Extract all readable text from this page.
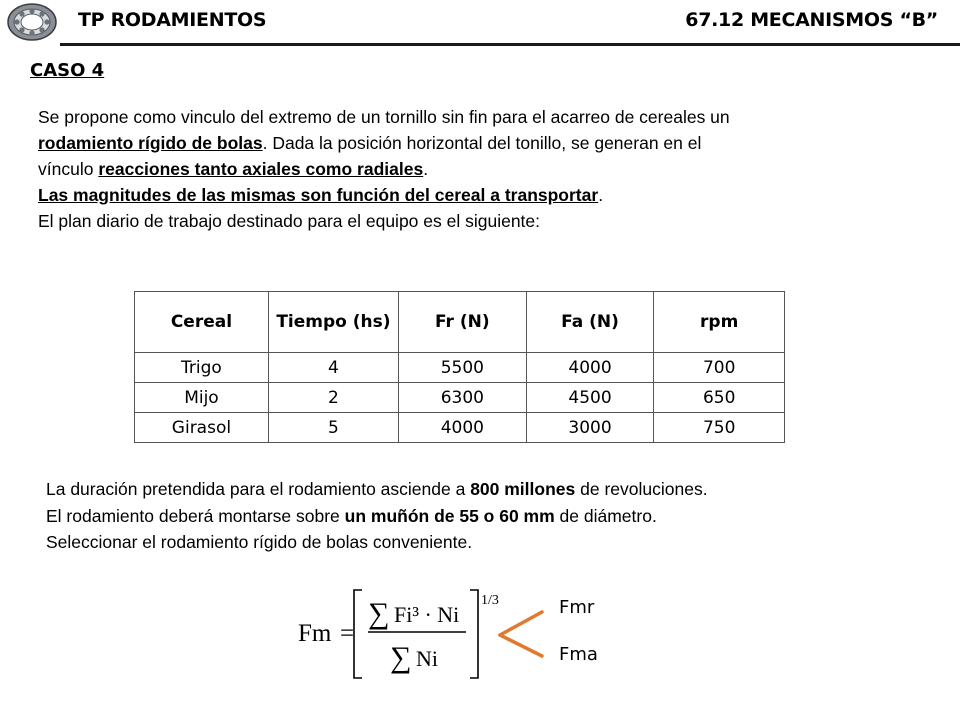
TP RODAMIENTOS	67.12 MECANISMOS “B”
CASO 4
Se propone como vinculo del extremo de un tornillo sin fin para el acarreo de cereales un
rodamiento rígido de bolas. Dada la posición horizontal del tonillo, se generan en el
vínculo reacciones tanto axiales como radiales.
Las magnitudes de las mismas son función del cereal a transportar.
El plan diario de trabajo destinado para el equipo es el siguiente:
Cereal	Tiempo (hs)	Fr (N)	Fa (N)	rpm
Trigo	4	5500	4000	700
Mijo	2	6300	4500	650
Girasol	5	4000	3000	750
La duración pretendida para el rodamiento asciende a 800 millones de revoluciones.
El rodamiento deberá montarse sobre un muñón de 55 o 60 mm de diámetro.
Seleccionar el rodamiento rígido de bolas conveniente.
Fm =
∑ Fi³ · Ni
∑ Ni
1/3	Fmr
Fma
